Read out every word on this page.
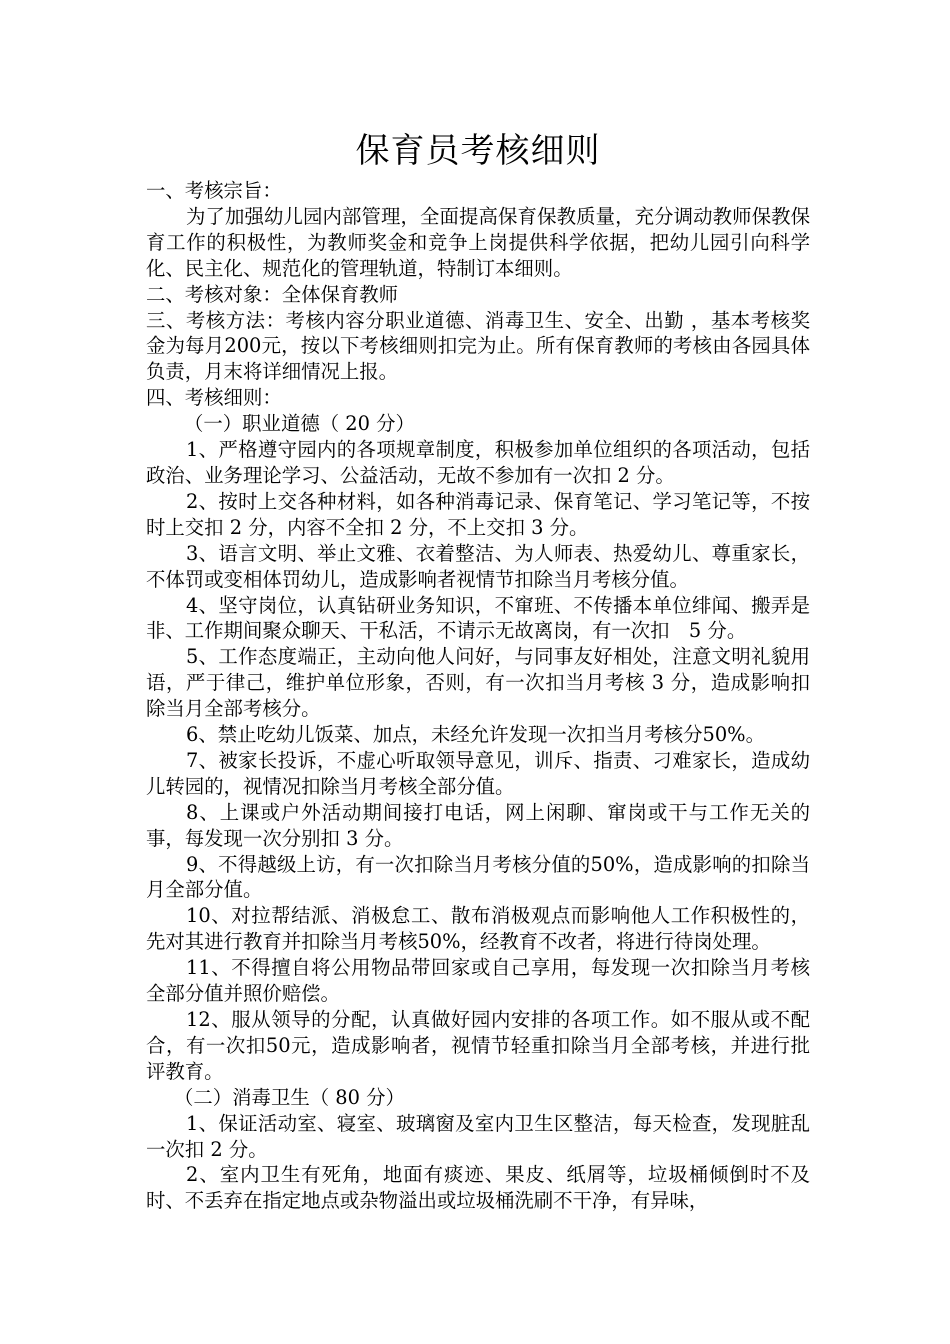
保育员考核细则

一、考核宗旨：

为了加强幼儿园内部管理，全面提高保育保教质量，充分调动教师保教保育工作的积极性，为教师奖金和竞争上岗提供科学依据，把幼儿园引向科学化、民主化、规范化的管理轨道，特制订本细则。

二、考核对象：全体保育教师

三、考核方法：考核内容分职业道德、消毒卫生、安全、出勤 ，基本考核奖金为每月200元，按以下考核细则扣完为止。所有保育教师的考核由各园具体负责，月末将详细情况上报。

四、考核细则：

（一）职业道德（ 20 分）

1、严格遵守园内的各项规章制度，积极参加单位组织的各项活动，包括政治、业务理论学习、公益活动，无故不参加有一次扣 2 分。

2、按时上交各种材料，如各种消毒记录、保育笔记、学习笔记等，不按时上交扣 2 分，内容不全扣 2 分，不上交扣 3 分。

3、语言文明、举止文雅、衣着整洁、为人师表、热爱幼儿、尊重家长，不体罚或变相体罚幼儿，造成影响者视情节扣除当月考核分值。

4、坚守岗位，认真钻研业务知识，不窜班、不传播本单位绯闻、搬弄是非、工作期间聚众聊天、干私活，不请示无故离岗，有一次扣　5 分。

5、工作态度端正，主动向他人问好，与同事友好相处，注意文明礼貌用语，严于律己，维护单位形象，否则，有一次扣当月考核 3 分，造成影响扣除当月全部考核分。

6、禁止吃幼儿饭菜、加点，未经允许发现一次扣当月考核分50%。

7、被家长投诉，不虚心听取领导意见，训斥、指责、刁难家长，造成幼儿转园的，视情况扣除当月考核全部分值。

8、上课或户外活动期间接打电话，网上闲聊、窜岗或干与工作无关的事，每发现一次分别扣 3 分。

9、不得越级上访，有一次扣除当月考核分值的50%，造成影响的扣除当月全部分值。

10、对拉帮结派、消极怠工、散布消极观点而影响他人工作积极性的，先对其进行教育并扣除当月考核50%，经教育不改者，将进行待岗处理。

11、不得擅自将公用物品带回家或自己享用，每发现一次扣除当月考核全部分值并照价赔偿。

12、服从领导的分配，认真做好园内安排的各项工作。如不服从或不配合，有一次扣50元，造成影响者，视情节轻重扣除当月全部考核，并进行批评教育。

（二）消毒卫生（ 80 分）

1、保证活动室、寝室、玻璃窗及室内卫生区整洁，每天检查，发现脏乱一次扣 2 分。

2、室内卫生有死角，地面有痰迹、果皮、纸屑等，垃圾桶倾倒时不及时、不丢弃在指定地点或杂物溢出或垃圾桶洗刷不干净，有异味，
